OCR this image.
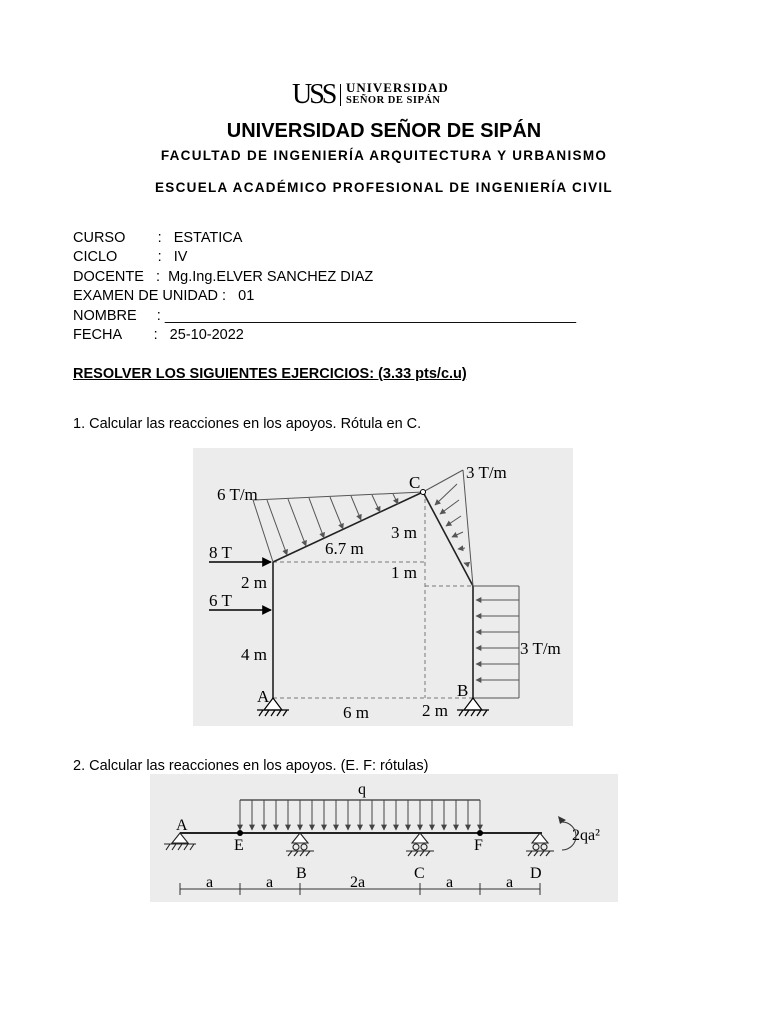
USS UNIVERSIDAD
SEÑOR DE SIPÁN
UNIVERSIDAD SEÑOR DE SIPÁN
FACULTAD DE INGENIERÍA ARQUITECTURA Y URBANISMO
ESCUELA ACADÉMICO PROFESIONAL DE INGENIERÍA CIVIL
CURSO        :   ESTATICA
CICLO          :   IV
DOCENTE   :  Mg.Ing.ELVER SANCHEZ DIAZ
EXAMEN DE UNIDAD :   01
NOMBRE     : ___________________________________________________
FECHA        :   25-10-2022
RESOLVER LOS SIGUIENTES EJERCICIOS: (3.33 pts/c.u)
1. Calcular las reacciones en los apoyos. Rótula en C.
6 T/m
3 T/m
3 T/m
8 T
6 T
6.7 m
3 m
1 m
2 m
4 m
6 m	2 m
A	B
C
2. Calcular las reacciones en los apoyos. (E. F: rótulas)
q
2qa²
A
B	C	D
E	F
a	a	2a	a	a
